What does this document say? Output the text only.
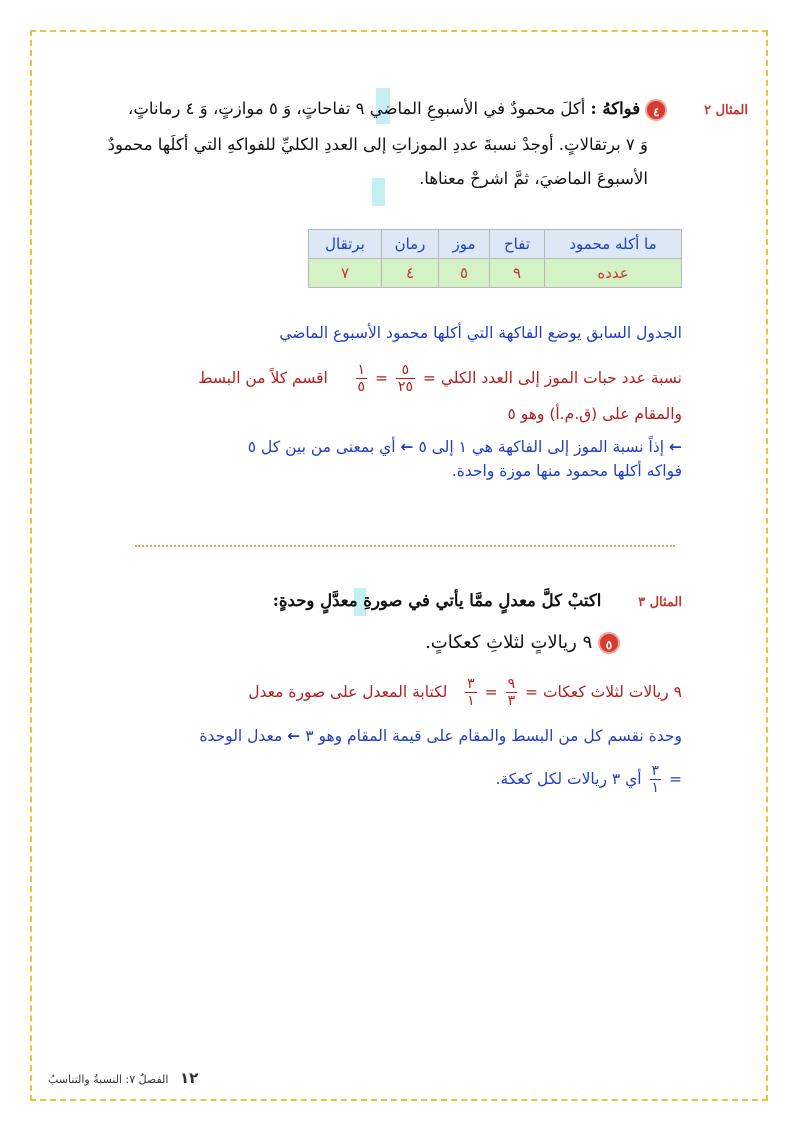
المثال ٢       ٤ فواكهُ : أكلَ محمودٌ في الأسبوعِ الماضي ٩ تفاحاتٍ، وَ ٥ موازتٍ، وَ ٤ رماناتٍ،
وَ ٧ برتقالاتٍ. أوجدْ نسبةَ عددِ الموزاتِ إلى العددِ الكليِّ للفواكهِ التي أكلَها محمودٌ
الأسبوعَ الماضيَ، ثمَّ اشرحْ معناها.
ما أكله محمود	تفاح	موز	رمان	برتقال
عدده	٩	٥	٤	٧
الجدول السابق يوضع الفاكهة التي أكلها محمود الأسبوع الماضي
نسبة عدد حبات الموز إلى العدد الكلي =
$\frac{٥}{٢٥}$
=
$\frac{١}{٥}$
اقسم كلاً من البسط
والمقام على (ق.م.أ) وهو ٥
← إذاً نسبة الموز إلى الفاكهة هي ١ إلى ٥ ← أي بمعنى من بين كل ٥
فواكه أكلها محمود منها موزة واحدة.
المثال ٣       اكتبْ كلَّ معدلٍ ممَّا يأتي في صورةِ معدَّلٍ وحدةٍ:
٥ ٩ ريالاتٍ لثلاثِ كعكاتٍ.
٩ ريالات لثلاث كعكات =
$\frac{٩}{٣}$
=
$\frac{٣}{١}$
لكتابة المعدل على صورة معدل
وحدة نقسم كل من البسط والمقام على قيمة المقام وهو ٣ ← معدل الوحدة
=
$\frac{٣}{١}$
أي ٣ ريالات لكل كعكة.
١٢ الفصلُ ٧: النسبةُ والتناسبُ
